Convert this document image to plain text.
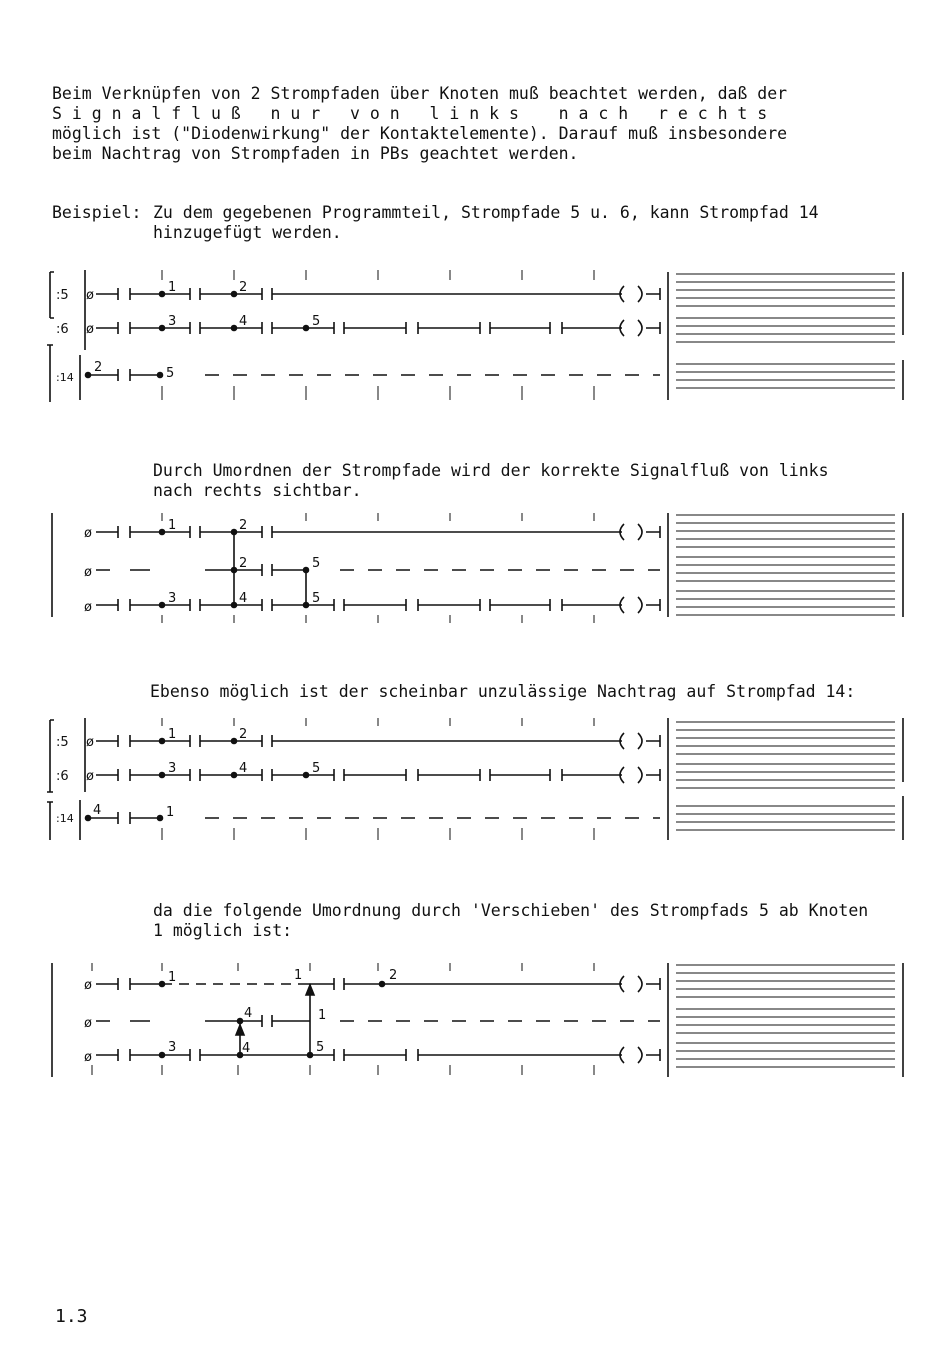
Beim Verknüpfen von 2 Strompfaden über Knoten muß beachtet werden, daß der
S i g n a l f l u ß   n u r   v o n   l i n k s    n a c h   r e c h t s
möglich ist ("Diodenwirkung" der Kontaktelemente). Darauf muß insbesondere
beim Nachtrag von Strompfaden in PBs geachtet werden.
Beispiel: Zu dem gegebenen Programmteil, Strompfade 5 u. 6, kann Strompfad 14
hinzugefügt werden.
:5
:6
:14
ø
ø
1	2
3	4	5
2	5
Durch Umordnen der Strompfade wird der korrekte Signalfluß von links
nach rechts sichtbar.
ø
ø
ø
1	2
2	5
3	4	5
Ebenso möglich ist der scheinbar unzulässige Nachtrag auf Strompfad 14:
:5
:6
:14
ø
ø
1	2
3	4	5
4	1
da die folgende Umordnung durch 'Verschieben' des Strompfads 5 ab Knoten
1 möglich ist:
ø
ø
ø
1	1	2
4	1
3	4	5
1.3
